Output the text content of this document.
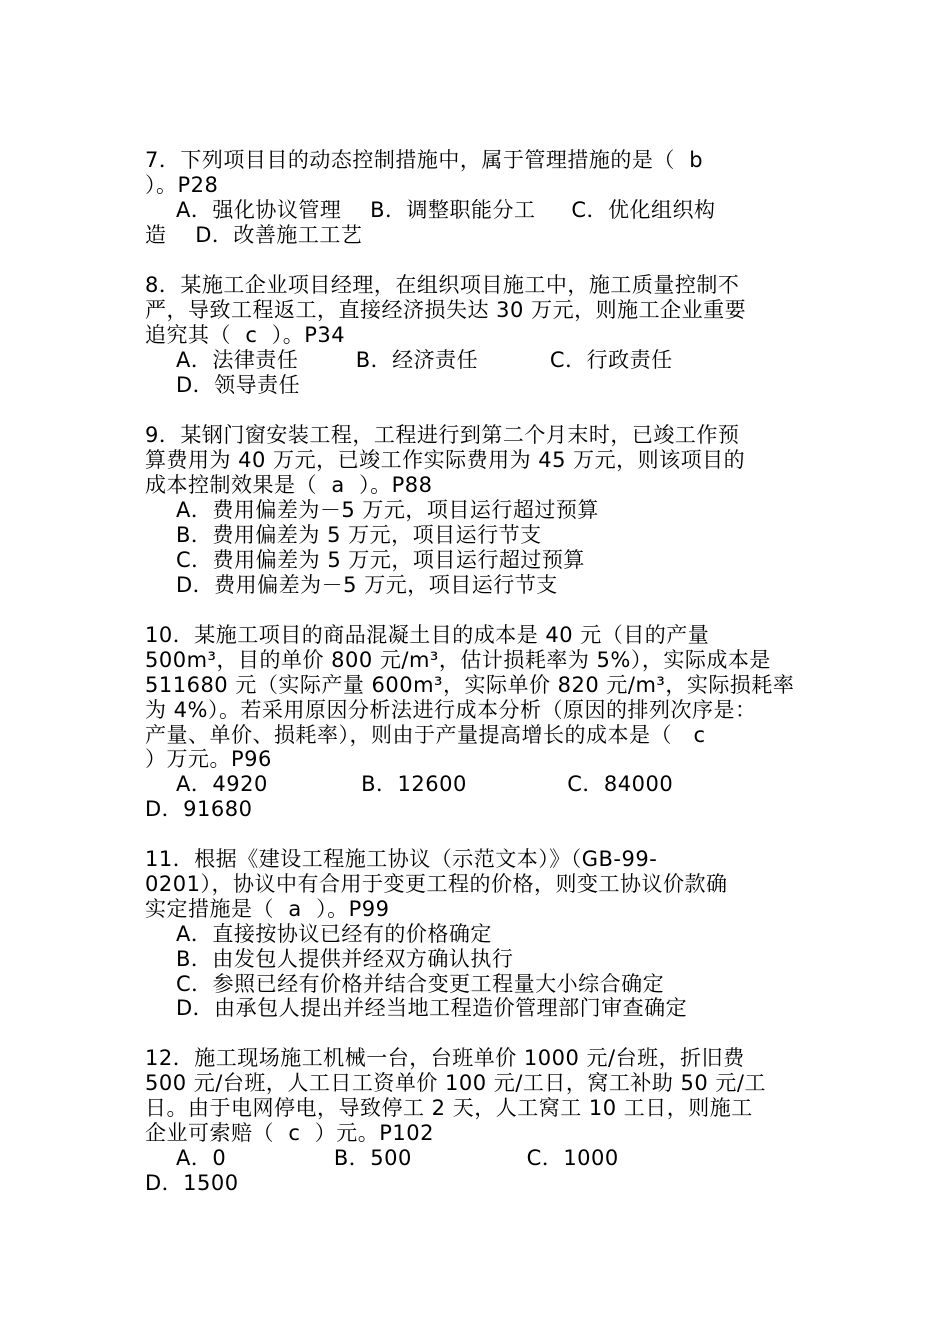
7．下列项目目的动态控制措施中，属于管理措施的是（  b
）。P28
A．强化协议管理    B．调整职能分工     C．优化组织构
造    D．改善施工工艺
8．某施工企业项目经理，在组织项目施工中，施工质量控制不
严，导致工程返工，直接经济损失达 30 万元，则施工企业重要
追究其（  c  ）。P34
A．法律责任        B．经济责任          C．行政责任
D．领导责任
9．某钢门窗安装工程，工程进行到第二个月末时，已竣工作预
算费用为 40 万元，已竣工作实际费用为 45 万元，则该项目的
成本控制效果是（  a  ）。P88
A．费用偏差为－5 万元，项目运行超过预算
B．费用偏差为 5 万元，项目运行节支
C．费用偏差为 5 万元，项目运行超过预算
D．费用偏差为－5 万元，项目运行节支
10．某施工项目的商品混凝土目的成本是 40 元（目的产量
500m³，目的单价 800 元/m³，估计损耗率为 5%），实际成本是
511680 元（实际产量 600m³，实际单价 820 元/m³，实际损耗率
为 4%）。若采用原因分析法进行成本分析（原因的排列次序是：
产量、单价、损耗率），则由于产量提高增长的成本是（   c
）万元。P96
A．4920             B．12600              C．84000
D．91680
11．根据《建设工程施工协议（示范文本）》（GB-99-
0201），协议中有合用于变更工程的价格，则变工协议价款确
实定措施是（  a  ）。P99
A．直接按协议已经有的价格确定
B．由发包人提供并经双方确认执行
C．参照已经有价格并结合变更工程量大小综合确定
D．由承包人提出并经当地工程造价管理部门审查确定
12．施工现场施工机械一台，台班单价 1000 元/台班，折旧费
500 元/台班，人工日工资单价 100 元/工日，窝工补助 50 元/工
日。由于电网停电，导致停工 2 天，人工窝工 10 工日，则施工
企业可索赔（  c  ）元。P102
A．0               B．500                C．1000
D．1500
